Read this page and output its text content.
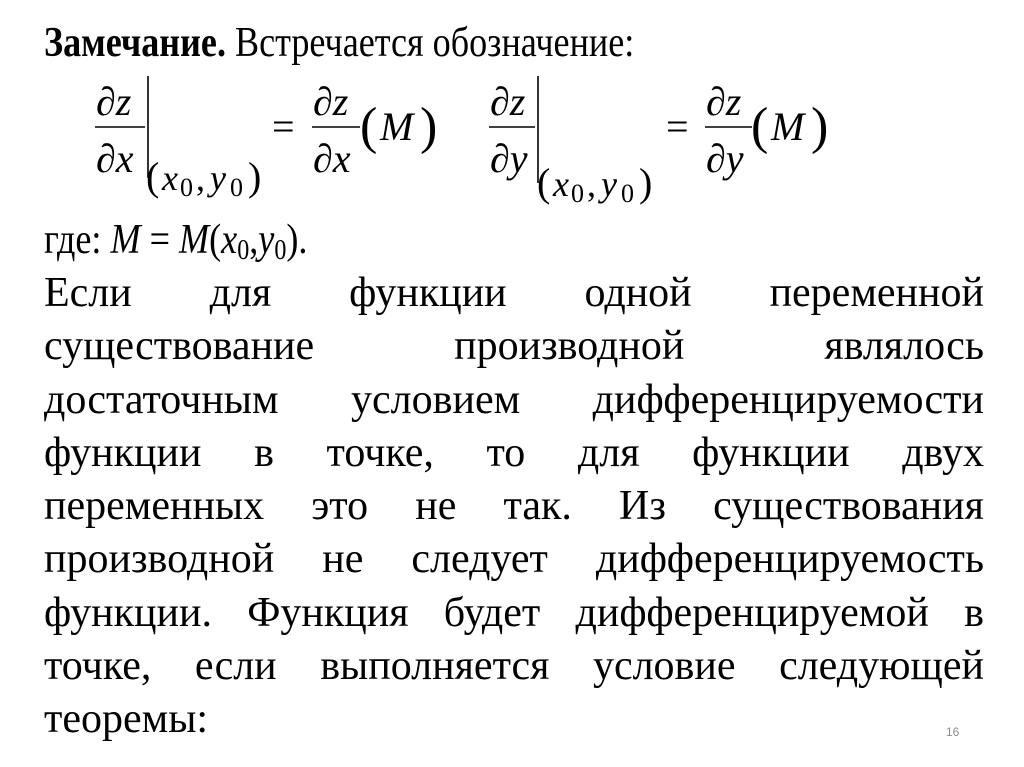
Замечание. Встречается обозначение:
∂z
∂x ( x 0 , y 0 )
=
∂z
∂x
( M ) ∂z
∂y
( x 0 , y 0 )
=
∂z
∂y
( M )
где: $M = M(x_0,y_0)$.
Если для функции одной переменной
существование	производной	являлось
достаточным условием дифференцируемости
функции в точке, то для функции двух
переменных это не так. Из существования
производной не следует дифференцируемость
функции. Функция будет дифференцируемой в
точке, если выполняется условие следующей
теоремы:	16
